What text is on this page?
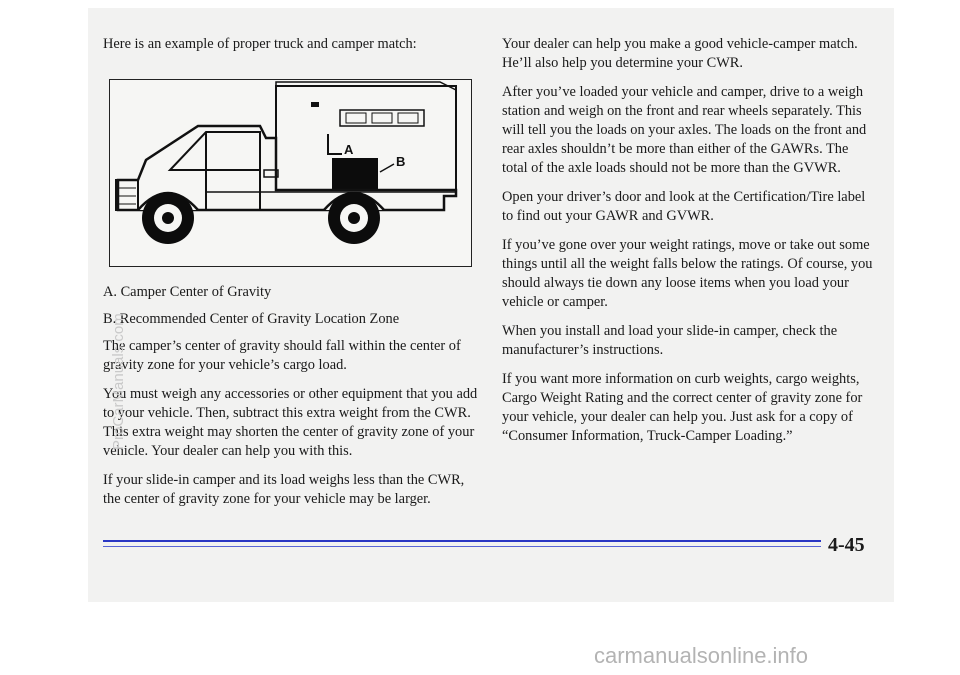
Here is an example of proper truck and camper match:

A
B

A. Camper Center of Gravity

B. Recommended Center of Gravity Location Zone

The camper’s center of gravity should fall within the center of gravity zone for your vehicle’s cargo load.

You must weigh any accessories or other equipment that you add to your vehicle. Then, subtract this extra weight from the CWR. This extra weight may shorten the center of gravity zone of your vehicle. Your dealer can help you with this.

If your slide-in camper and its load weighs less than the CWR, the center of gravity zone for your vehicle may be larger.

Your dealer can help you make a good vehicle-camper match. He’ll also help you determine your CWR.

After you’ve loaded your vehicle and camper, drive to a weigh station and weigh on the front and rear wheels separately. This will tell you the loads on your axles. The loads on the front and rear axles shouldn’t be more than either of the GAWRs. The total of the axle loads should not be more than the GVWR.

Open your driver’s door and look at the Certification/Tire label to find out your GAWR and GVWR.

If you’ve gone over your weight ratings, move or take out some things until all the weight falls below the ratings. Of course, you should always tie down any loose items when you load your vehicle or camper.

When you install and load your slide-in camper, check the manufacturer’s instructions.

If you want more information on curb weights, cargo weights, Cargo Weight Rating and the correct center of gravity zone for your vehicle, your dealer can help you. Just ask for a copy of “Consumer Information, Truck-Camper Loading.”

4-45
ProCarManuals.com
carmanualsonline.info
